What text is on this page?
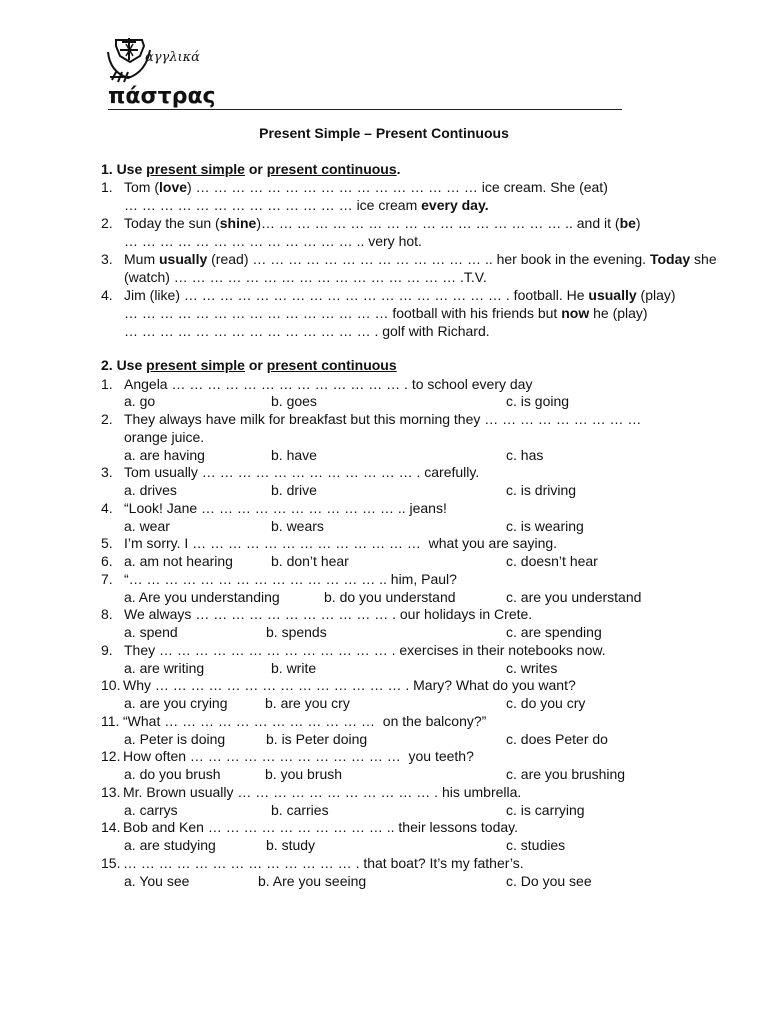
αγγλικά
πάστρας
Present Simple – Present Continuous
1. Use present simple or present continuous.
1. Tom (love) … … … … … … … … … … … … … … … … ice cream. She (eat)
… … … … … … … … … … … … … ice cream every day.
2. Today the sun (shine)… … … … … … … … … … … … … … … … … .. and it (be)
… … … … … … … … … … … … … .. very hot.
3. Mum usually (read) … … … … … … … … … … … … … .. her book in the evening. Today she
(watch) … … … … … … … … … … … … … … … … .T.V.
4. Jim (like) … … … … … … … … … … … … … … … … … … . football. He usually (play)
… … … … … … … … … … … … … … … football with his friends but now he (play)
… … … … … … … … … … … … … … . golf with Richard.
2. Use present simple or present continuous
1. Angela … … … … … … … … … … … … … . to school every day
a. go	b. goes	c. is going
2. They always have milk for breakfast but this morning they … … … … … … … … …
orange juice.
a. are having	b. have	c. has
3. Tom usually … … … … … … … … … … … … . carefully.
a. drives	b. drive	c. is driving
4. “Look! Jane … … … … … … … … … … … .. jeans!
a. wear	b. wears	c. is wearing
5. I’m sorry. I … … … … … … … … … … … … …  what you are saying.
6. a. am not hearing	b. don’t hear	c. doesn’t hear
7. “… … … … … … … … … … … … … … .. him, Paul?
a. Are you understanding	b. do you understand	c. are you understand
8. We always … … … … … … … … … … … . our holidays in Crete.
a. spend	b. spends	c. are spending
9. They … … … … … … … … … … … … … . exercises in their notebooks now.
a. are writing	b. write	c. writes
10. Why … … … … … … … … … … … … … … . Mary? What do you want?
a. are you crying	b. are you cry	c. do you cry
11. “What … … … … … … … … … … … …  on the balcony?”
a. Peter is doing	b. is Peter doing	c. does Peter do
12. How often … … … … … … … … … … … …  you teeth?
a. do you brush	b. you brush	c. are you brushing
13. Mr. Brown usually … … … … … … … … … … … . his umbrella.
a. carrys	b. carries	c. is carrying
14. Bob and Ken … … … … … … … … … … .. their lessons today.
a. are studying	b. study	c. studies
15. … … … … … … … … … … … … … . that boat? It’s my father’s.
a. You see	b. Are you seeing	c. Do you see
